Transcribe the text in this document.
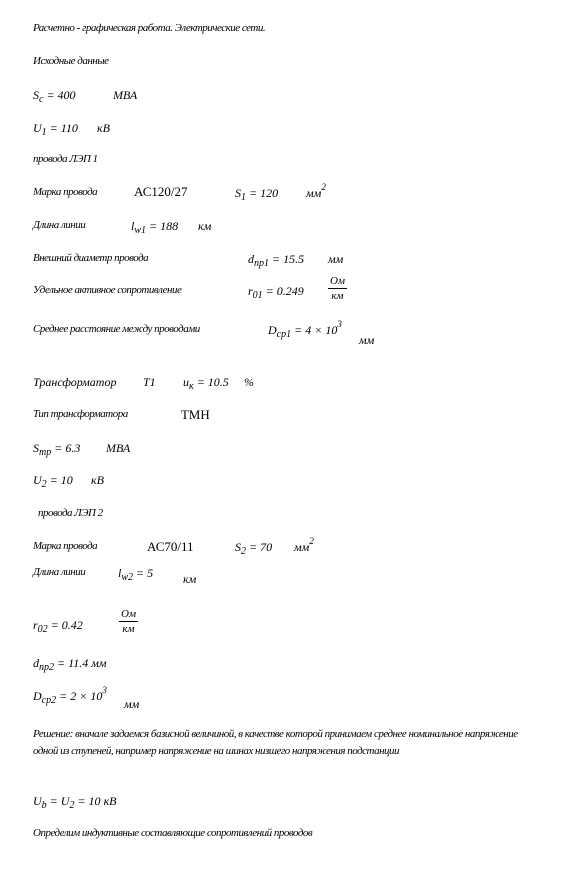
Расчетно - графическая работа. Электрические сети.
Исходные данные
$S_c = 400$	МВА
$U_1 = 110$ кВ
провода ЛЭП 1
Марка провода	АС120/27	$S_1 = 120$ $мм^2$
Длина линии	$l_{w1} = 188$ км
Внешний диаметр провода	$d_{пр1} = 15.5$ мм
Удельное активное сопротивление	$r_{01} = 0.249 \frac{Ом}{км}$
Среднее расстояние между проводами	$D_{ср1} = 4 \times 10^3$
мм
Трансформатор T1 $u_к = 10.5$ %
Тип трансформатора	ТМН
$S_{тр} = 6.3$ МВА
$U_2 = 10$ кВ
провода ЛЭП 2
Марка провода	АС70/11	$S_2 = 70$ $мм^2$
Длина линии	$l_{w2} = 5$ км
$r_{02} = 0.42$	$\frac{Ом}{км}$
$d_{пр2} = 11.4$ мм
$D_{ср2} = 2 \times 10^3$
мм
Решение: вначале задаемся базисной величиной, в качестве которой принимаем среднее номинальное напряжение одной из ступеней, например напряжение на шинах низшего напряжения подстанции
$U_b = U_2 = 10$ кВ
Определим индуктивные составляющие сопротивлений проводов
